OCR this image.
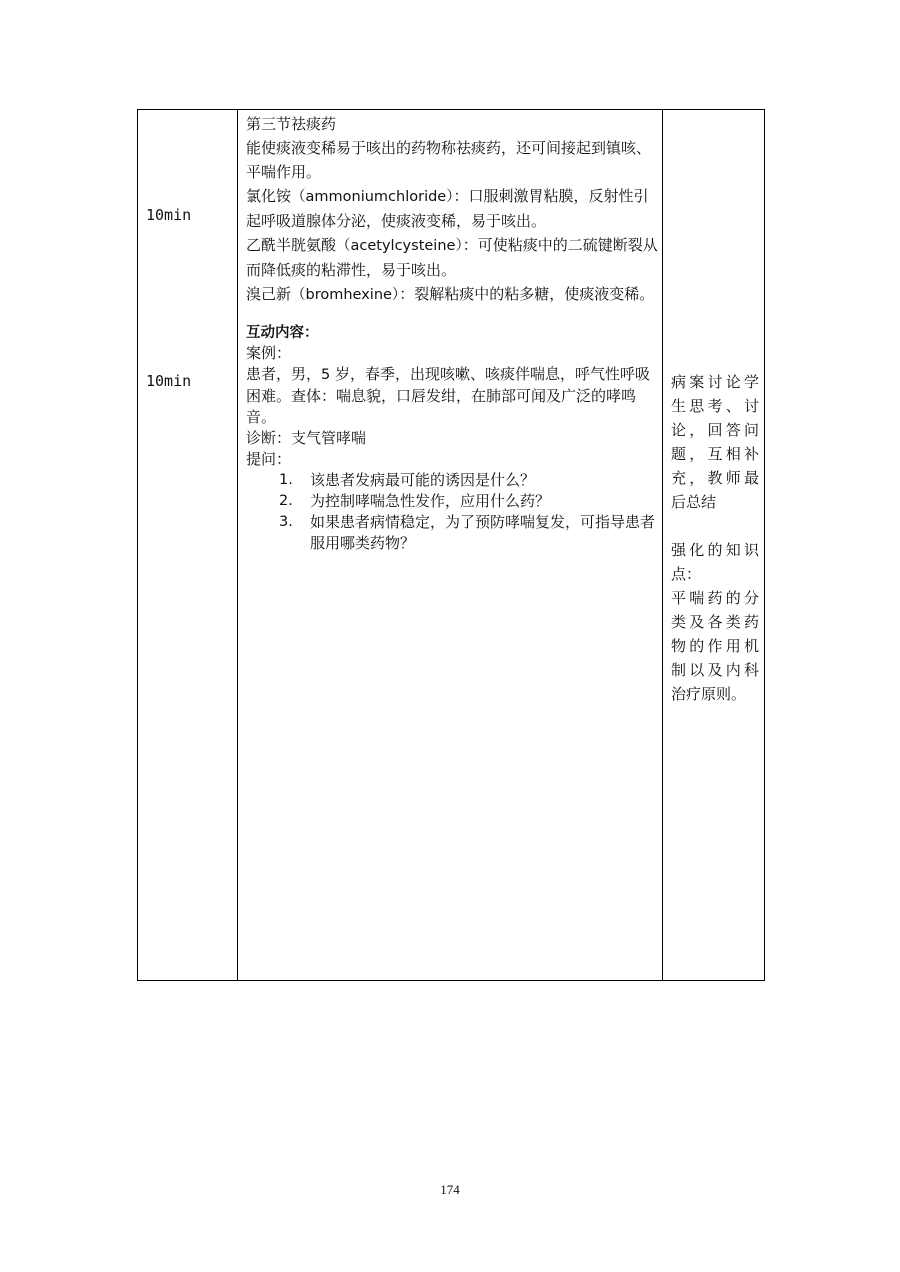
10min
10min

第三节祛痰药

能使痰液变稀易于咳出的药物称祛痰药，还可间接起到镇咳、平喘作用。

氯化铵（ammoniumchloride）：口服刺激胃粘膜，反射性引起呼吸道腺体分泌，使痰液变稀，易于咳出。

乙酰半胱氨酸（acetylcysteine）：可使粘痰中的二硫键断裂从而降低痰的粘滞性，易于咳出。

溴己新（bromhexine）：裂解粘痰中的粘多糖，使痰液变稀。

互动内容：

案例：

患者，男，5 岁，春季，出现咳嗽、咳痰伴喘息，呼气性呼吸困难。查体：喘息貌，口唇发绀，在肺部可闻及广泛的哮鸣音。

诊断：支气管哮喘

提问：

1. 该患者发病最可能的诱因是什么？
2. 为控制哮喘急性发作，应用什么药？
3. 如果患者病情稳定，为了预防哮喘复发，可指导患者服用哪类药物？

病案讨论学生思考、讨论，回答问题，互相补充，教师最后总结

强化的知识点：

平喘药的分类及各类药物的作用机制以及内科治疗原则。

174
